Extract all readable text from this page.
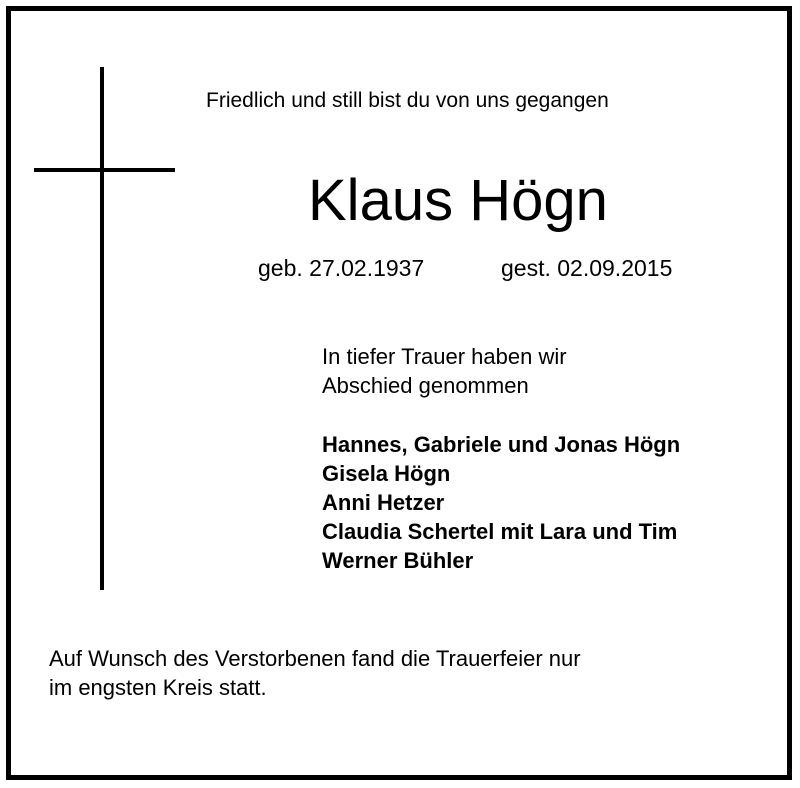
Friedlich und still bist du von uns gegangen
Klaus Högn
geb. 27.02.1937	gest. 02.09.2015
In tiefer Trauer haben wir
Abschied genommen
Hannes, Gabriele und Jonas Högn
Gisela Högn
Anni Hetzer
Claudia Schertel mit Lara und Tim
Werner Bühler
Auf Wunsch des Verstorbenen fand die Trauerfeier nur
im engsten Kreis statt.
